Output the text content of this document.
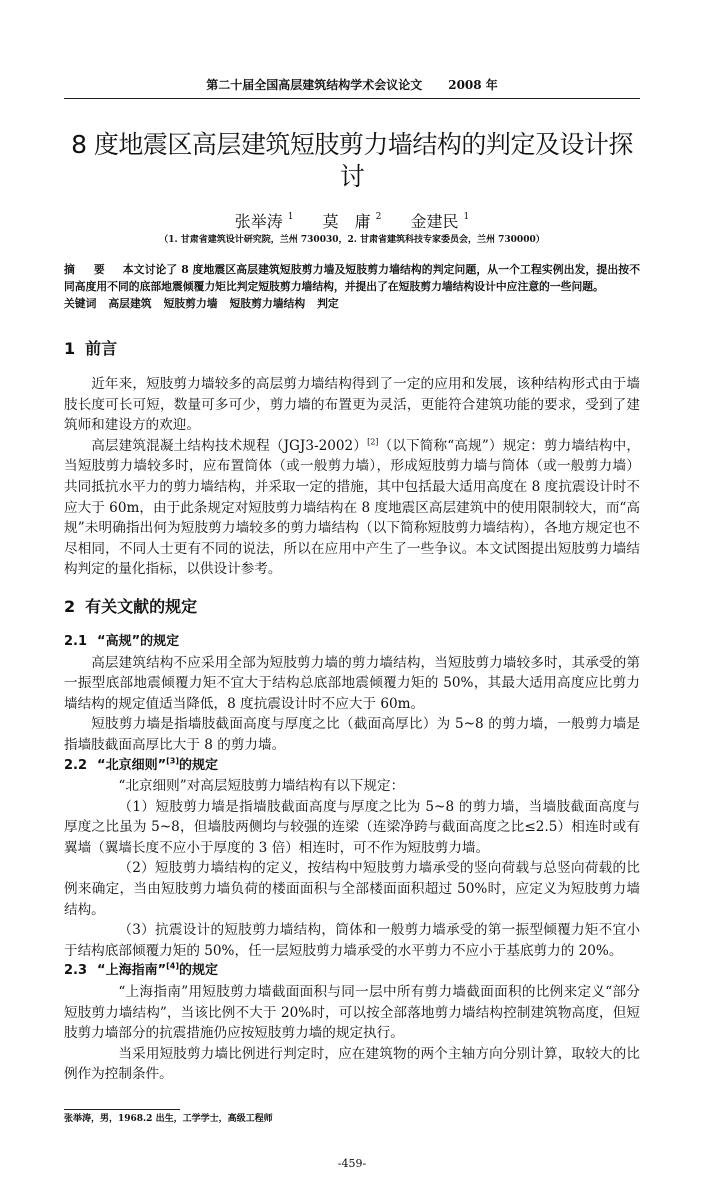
第二十届全国高层建筑结构学术会议论文 2008 年
8 度地震区高层建筑短肢剪力墙结构的判定及设计探讨
张举涛 $^1$ 莫　庸 $^2$ 金建民 $^1$
（1. 甘肃省建筑设计研究院，兰州 730030，2. 甘肃省建筑科技专家委员会，兰州 730000）
摘　要 本文讨论了 8 度地震区高层建筑短肢剪力墙及短肢剪力墙结构的判定问题，从一个工程实例出发，提出按不同高度用不同的底部地震倾覆力矩比判定短肢剪力墙结构，并提出了在短肢剪力墙结构设计中应注意的一些问题。
关键词 高层建筑 短肢剪力墙 短肢剪力墙结构 判定
1 前言
近年来，短肢剪力墙较多的高层剪力墙结构得到了一定的应用和发展，该种结构形式由于墙肢长度可长可短，数量可多可少，剪力墙的布置更为灵活，更能符合建筑功能的要求，受到了建筑师和建设方的欢迎。
高层建筑混凝土结构技术规程（JGJ3-2002）[2]（以下简称“高规”）规定：剪力墙结构中，当短肢剪力墙较多时，应布置筒体（或一般剪力墙），形成短肢剪力墙与筒体（或一般剪力墙）共同抵抗水平力的剪力墙结构，并采取一定的措施，其中包括最大适用高度在 8 度抗震设计时不应大于 60m，由于此条规定对短肢剪力墙结构在 8 度地震区高层建筑中的使用限制较大，而“高规”未明确指出何为短肢剪力墙较多的剪力墙结构（以下简称短肢剪力墙结构），各地方规定也不尽相同，不同人士更有不同的说法，所以在应用中产生了一些争议。本文试图提出短肢剪力墙结构判定的量化指标，以供设计参考。
2 有关文献的规定
2.1 “高规”的规定
高层建筑结构不应采用全部为短肢剪力墙的剪力墙结构，当短肢剪力墙较多时，其承受的第一振型底部地震倾覆力矩不宜大于结构总底部地震倾覆力矩的 50%，其最大适用高度应比剪力墙结构的规定值适当降低，8 度抗震设计时不应大于 60m。
短肢剪力墙是指墙肢截面高度与厚度之比（截面高厚比）为 5~8 的剪力墙，一般剪力墙是指墙肢截面高厚比大于 8 的剪力墙。
2.2 “北京细则”[3]的规定
“北京细则”对高层短肢剪力墙结构有以下规定：
（1）短肢剪力墙是指墙肢截面高度与厚度之比为 5~8 的剪力墙，当墙肢截面高度与厚度之比虽为 5~8，但墙肢两侧均与较强的连梁（连梁净跨与截面高度之比≤2.5）相连时或有翼墙（翼墙长度不应小于厚度的 3 倍）相连时，可不作为短肢剪力墙。
（2）短肢剪力墙结构的定义，按结构中短肢剪力墙承受的竖向荷载与总竖向荷载的比例来确定，当由短肢剪力墙负荷的楼面面积与全部楼面面积超过 50%时，应定义为短肢剪力墙结构。
（3）抗震设计的短肢剪力墙结构，筒体和一般剪力墙承受的第一振型倾覆力矩不宜小于结构底部倾覆力矩的 50%，任一层短肢剪力墙承受的水平剪力不应小于基底剪力的 20%。
2.3 “上海指南”[4]的规定
“上海指南”用短肢剪力墙截面面积与同一层中所有剪力墙截面面积的比例来定义“部分短肢剪力墙结构”，当该比例不大于 20%时，可以按全部落地剪力墙结构控制建筑物高度，但短肢剪力墙部分的抗震措施仍应按短肢剪力墙的规定执行。
当采用短肢剪力墙比例进行判定时，应在建筑物的两个主轴方向分别计算，取较大的比例作为控制条件。
张举涛，男，1968.2 出生，工学学士，高级工程师
-459-
